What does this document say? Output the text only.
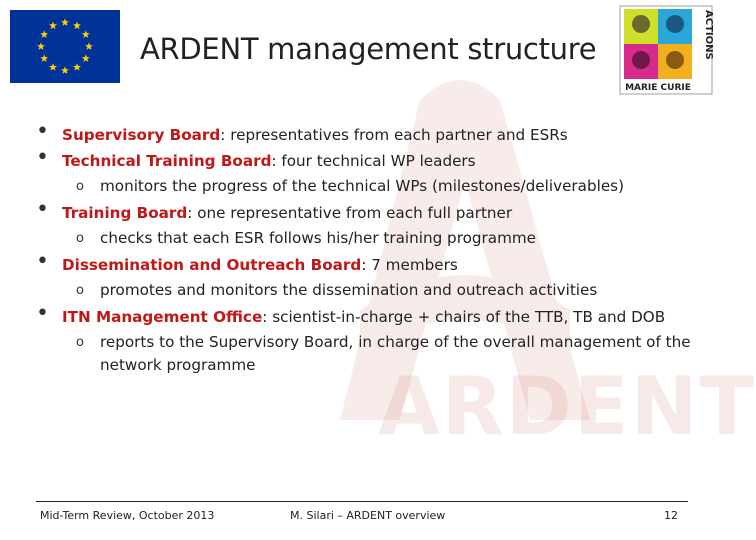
ARDENT
ARDENT management structure
MARIE CURIE
ACTIONS
• Supervisory Board: representatives from each partner and ESRs
• Technical Training Board: four technical WP leaders
o monitors the progress of the technical WPs (milestones/deliverables)
• Training Board: one representative from each full partner
o checks that each ESR follows his/her training programme
• Dissemination and Outreach Board: 7 members
o promotes and monitors the dissemination and outreach activities
• ITN Management Office: scientist-in-charge + chairs of the TTB, TB and DOB
o reports to the Supervisory Board, in charge of the overall management of the network programme
Mid-Term Review, October 2013	M. Silari – ARDENT overview	12
